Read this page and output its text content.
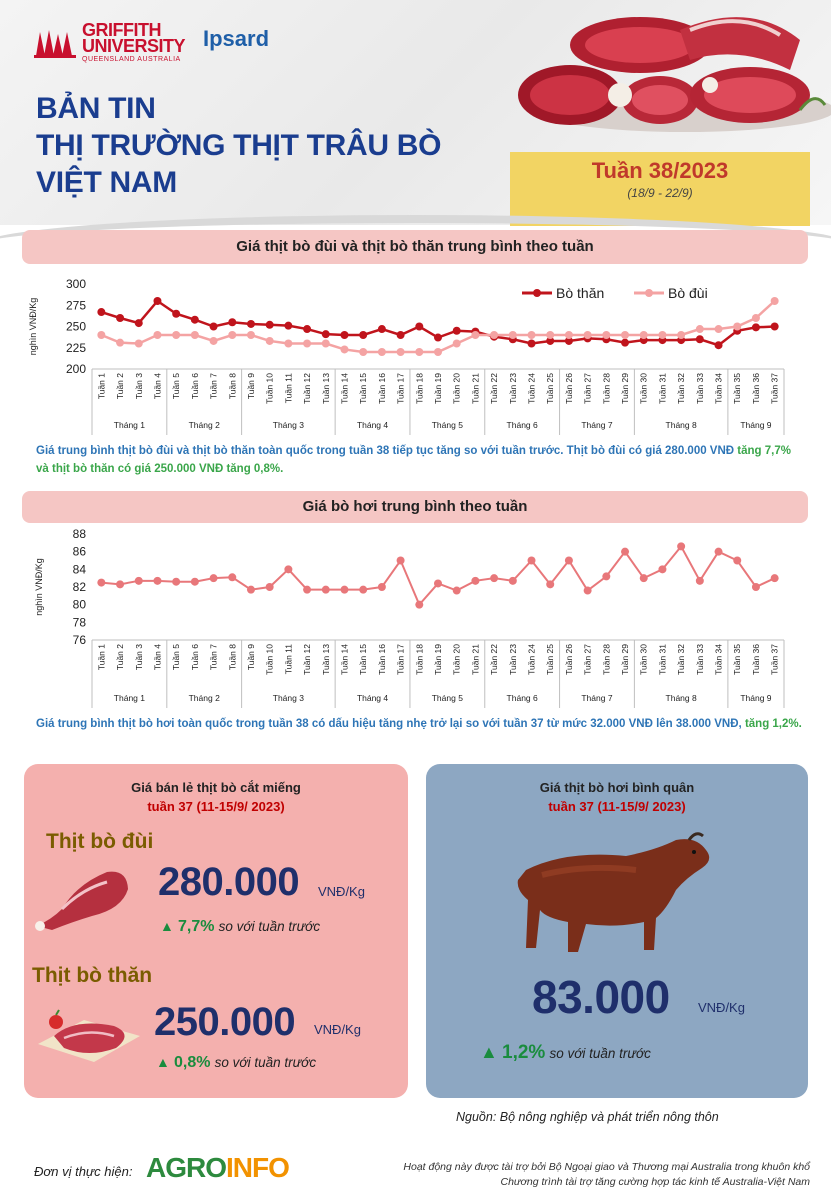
GRIFFITH
UNIVERSITY
QUEENSLAND AUSTRALIA
Ipsard
BẢN TIN
THỊ TRƯỜNG THỊT TRÂU BÒ
VIỆT NAM	Tuần 38/2023
(18/9 - 22/9)
Giá thịt bò đùi và thịt bò thăn trung bình theo tuần
nghìn VNĐ/Kg
200
225
250
275
300
Tuần 1 Tuần 2 Tuần 3 Tuần 4 Tuần 5 Tuần 6 Tuần 7 Tuần 8 Tuần 9 Tuần 10 Tuần 11 Tuần 12 Tuần 13 Tuần 14 Tuần 15 Tuần 16 Tuần 17 Tuần 18 Tuần 19 Tuần 20 Tuần 21 Tuần 22 Tuần 23 Tuần 24 Tuần 25 Tuần 26 Tuần 27 Tuần 28 Tuần 29 Tuần 30 Tuần 31 Tuần 32 Tuần 33 Tuần 34 Tuần 35 Tuần 36 Tuần 37
Tháng 1	Tháng 2	Tháng 3	Tháng 4	Tháng 5	Tháng 6	Tháng 7	Tháng 8	Tháng 9
Bò thăn	Bò đùi
Giá trung bình thịt bò đùi và thịt bò thăn toàn quốc trong tuần 38 tiếp tục tăng so với tuần trước. Thịt bò đùi có giá 280.000 VNĐ tăng 7,7% và thịt bò thăn có giá 250.000 VNĐ tăng 0,8%.
Giá bò hơi trung bình theo tuần
nghìn VNĐ/Kg
76
78
80
82
84
86
88
Tuần 1 Tuần 2 Tuần 3 Tuần 4 Tuần 5 Tuần 6 Tuần 7 Tuần 8 Tuần 9 Tuần 10 Tuần 11 Tuần 12 Tuần 13 Tuần 14 Tuần 15 Tuần 16 Tuần 17 Tuần 18 Tuần 19 Tuần 20 Tuần 21 Tuần 22 Tuần 23 Tuần 24 Tuần 25 Tuần 26 Tuần 27 Tuần 28 Tuần 29 Tuần 30 Tuần 31 Tuần 32 Tuần 33 Tuần 34 Tuần 35 Tuần 36 Tuần 37
Tháng 1	Tháng 2	Tháng 3	Tháng 4	Tháng 5	Tháng 6	Tháng 7	Tháng 8	Tháng 9
Giá trung bình thịt bò hơi toàn quốc trong tuần 38 có dấu hiệu tăng nhẹ trở lại so với tuần 37 từ mức 32.000 VNĐ lên 38.000 VNĐ, tăng 1,2%.
Giá bán lẻ thịt bò cắt miếng
tuần 37 (11-15/9/ 2023)
Thịt bò đùi
280.000 VNĐ/Kg
▲ 7,7% so với tuần trước
Thịt bò thăn
250.000 VNĐ/Kg
▲ 0,8% so với tuần trước
Giá thịt bò hơi bình quân
tuần 37 (11-15/9/ 2023)
83.000 VNĐ/Kg
▲ 1,2% so với tuần trước
Nguồn: Bộ nông nghiệp và phát triển nông thôn
Đơn vị thực hiện: AGROINFO	Hoạt động này được tài trợ bởi Bộ Ngoại giao và Thương mại Australia trong khuôn khổ
Chương trình tài trợ tăng cường hợp tác kinh tế Australia-Việt Nam
